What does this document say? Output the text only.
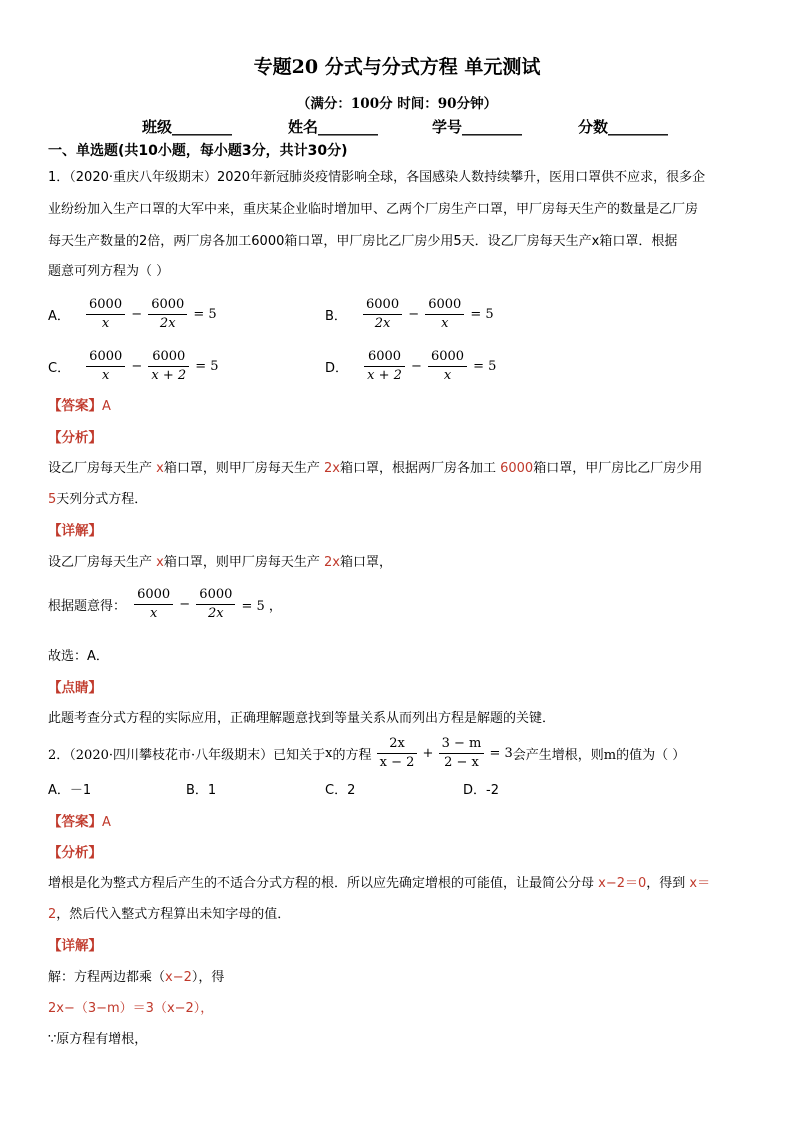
专题20 分式与分式方程 单元测试
（满分：100分 时间：90分钟）
班级________	姓名________	学号________	分数________
一、单选题(共10小题，每小题3分，共计30分)
1．（2020·重庆八年级期末）2020年新冠肺炎疫情影响全球，各国感染人数持续攀升，医用口罩供不应求，很多企
业纷纷加入生产口罩的大军中来，重庆某企业临时增加甲、乙两个厂房生产口罩，甲厂房每天生产的数量是乙厂房
每天生产数量的2倍，两厂房各加工6000箱口罩，甲厂房比乙厂房少用5天．设乙厂房每天生产x箱口罩．根据
题意可列方程为（ ）
A． $\frac{6000}{x} - \frac{6000}{2x} = 5$	B． $\frac{6000}{2x} - \frac{6000}{x} = 5$
C． $\frac{6000}{x} - \frac{6000}{x + 2} = 5$	D． $\frac{6000}{x + 2} - \frac{6000}{x} = 5$
【答案】A
【分析】
设乙厂房每天生产 x箱口罩，则甲厂房每天生产 2x箱口罩，根据两厂房各加工 6000箱口罩，甲厂房比乙厂房少用
5天列分式方程．
【详解】
设乙厂房每天生产 x箱口罩，则甲厂房每天生产 2x箱口罩，
根据题意得： $\frac{6000}{x} - \frac{6000}{2x} = 5$ ，
故选：A．
【点睛】
此题考查分式方程的实际应用，正确理解题意找到等量关系从而列出方程是解题的关键．
2．（2020·四川攀枝花市·八年级期末）已知关于x的方程 $\frac{2x}{x - 2} + \frac{3 - m}{2 - x} = 3$会产生增根，则m的值为（ ）
A．－1	B．1	C．2	D．-2
【答案】A
【分析】
增根是化为整式方程后产生的不适合分式方程的根．所以应先确定增根的可能值，让最简公分母 x−2＝0，得到 x＝
2，然后代入整式方程算出未知字母的值．
【详解】
解：方程两边都乘（x−2），得
2x−（3−m）＝3（x−2），
∵原方程有增根，
